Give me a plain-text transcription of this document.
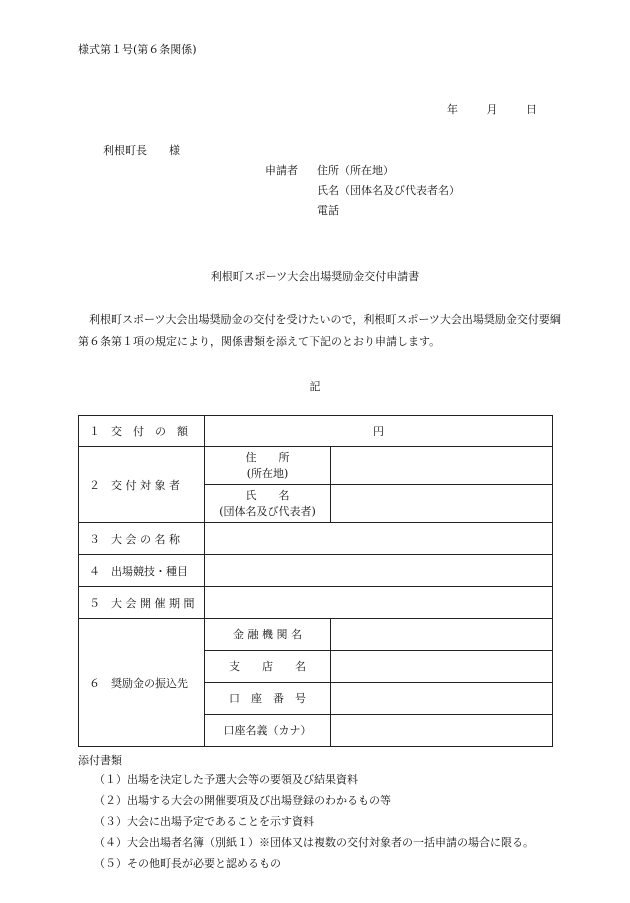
様式第１号(第６条関係)
年	月	日
利根町長　　様
申請者 住所（所在地）
氏名（団体名及び代表者名）
電話
利根町スポーツ大会出場奨励金交付申請書
利根町スポーツ大会出場奨励金の交付を受けたいので，利根町スポーツ大会出場奨励金交付要綱第６条第１項の規定により，関係書類を添えて下記のとおり申請します。
記
１　交　付　の　額	円	
２　交 付 対 象 者	住　　所
(所在地)	

	氏　　名
(団体名及び代表者)	

３　大 会 の 名 称		
４　出場競技・種目		
５　大 会 開 催 期 間		
６　奨励金の振込先	金 融 機 関 名	
	支　　店　　名	
	口　座　番　号	
	口座名義（カナ）	
添付書類
（１）出場を決定した予選大会等の要領及び結果資料
（２）出場する大会の開催要項及び出場登録のわかるもの等
（３）大会に出場予定であることを示す資料
（４）大会出場者名簿（別紙１）※団体又は複数の交付対象者の一括申請の場合に限る。
（５）その他町長が必要と認めるもの
